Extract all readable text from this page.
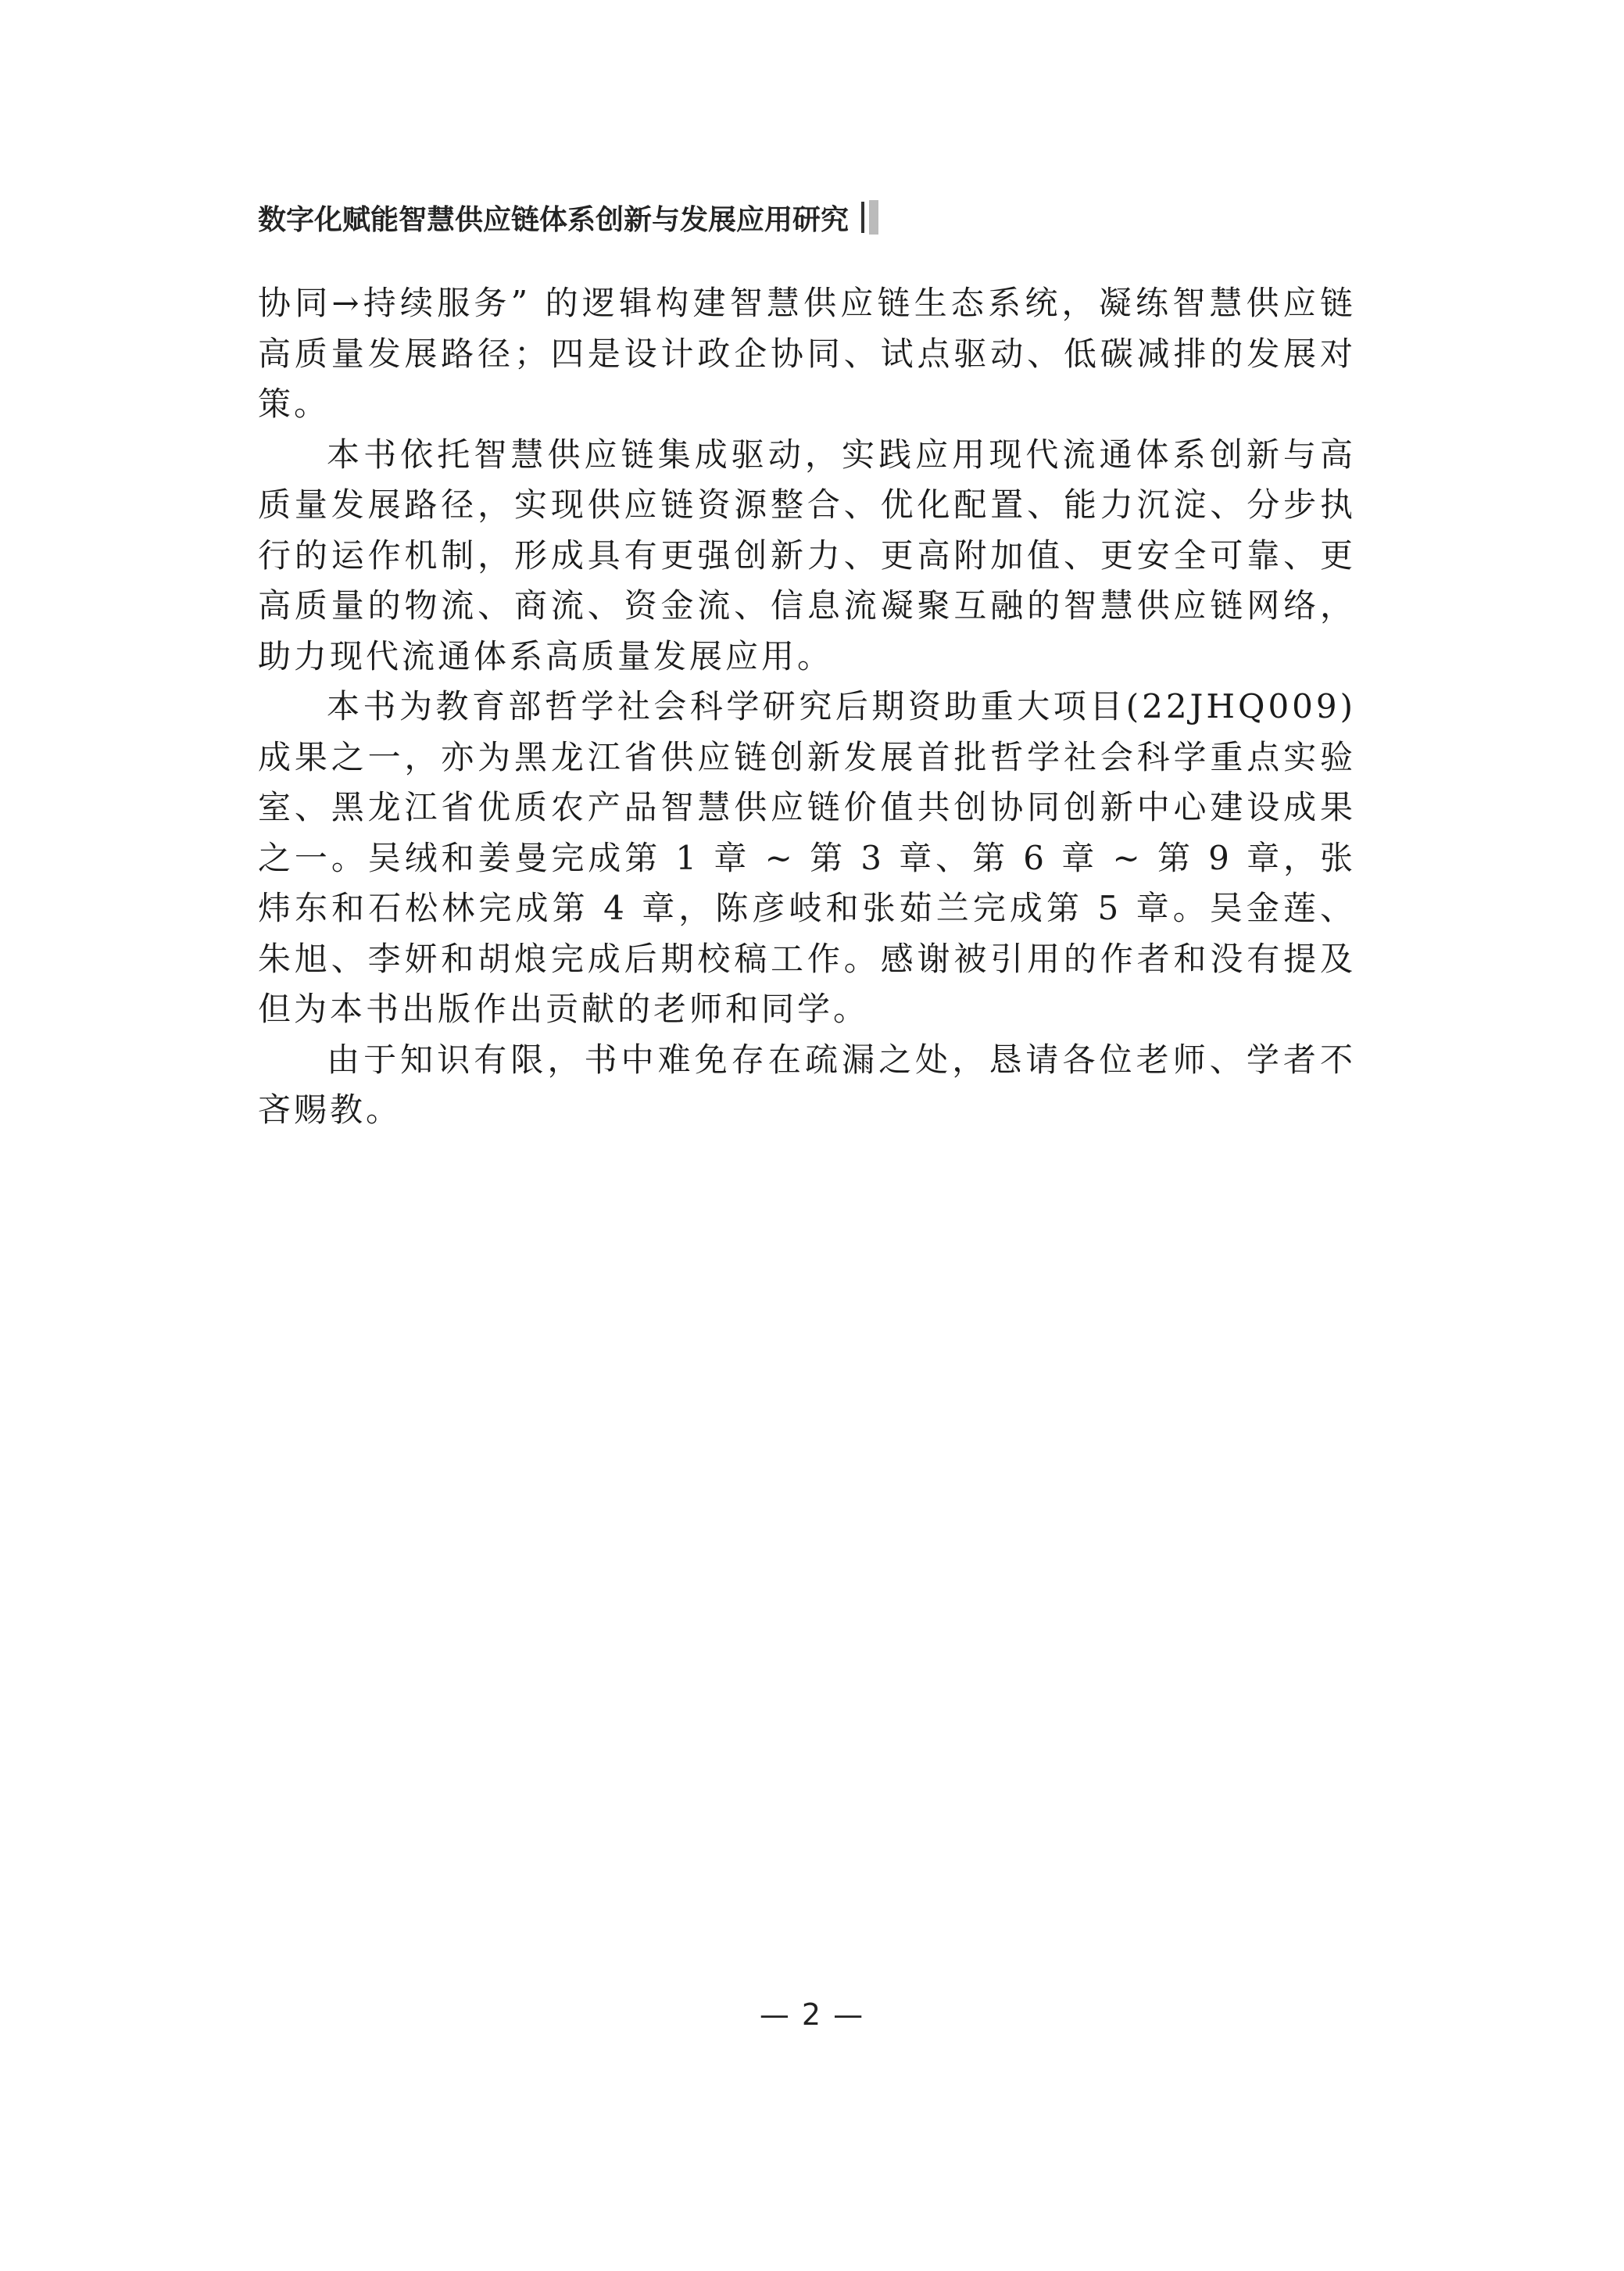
数字化赋能智慧供应链体系创新与发展应用研究

协同→持续服务” 的逻辑构建智慧供应链生态系统，凝练智慧供应链高质量发展路径；四是设计政企协同、试点驱动、低碳减排的发展对策。

本书依托智慧供应链集成驱动，实践应用现代流通体系创新与高质量发展路径，实现供应链资源整合、优化配置、能力沉淀、分步执行的运作机制，形成具有更强创新力、更高附加值、更安全可靠、更高质量的物流、商流、资金流、信息流凝聚互融的智慧供应链网络，助力现代流通体系高质量发展应用。

本书为教育部哲学社会科学研究后期资助重大项目(22JHQ009) 成果之一，亦为黑龙江省供应链创新发展首批哲学社会科学重点实验室、黑龙江省优质农产品智慧供应链价值共创协同创新中心建设成果之一。吴绒和姜曼完成第 1 章 ~ 第 3 章、第 6 章 ~ 第 9 章，张炜东和石松林完成第 4 章，陈彦岐和张茹兰完成第 5 章。吴金莲、朱旭、李妍和胡烺完成后期校稿工作。感谢被引用的作者和没有提及但为本书出版作出贡献的老师和同学。

由于知识有限，书中难免存在疏漏之处，恳请各位老师、学者不吝赐教。

— 2 —
